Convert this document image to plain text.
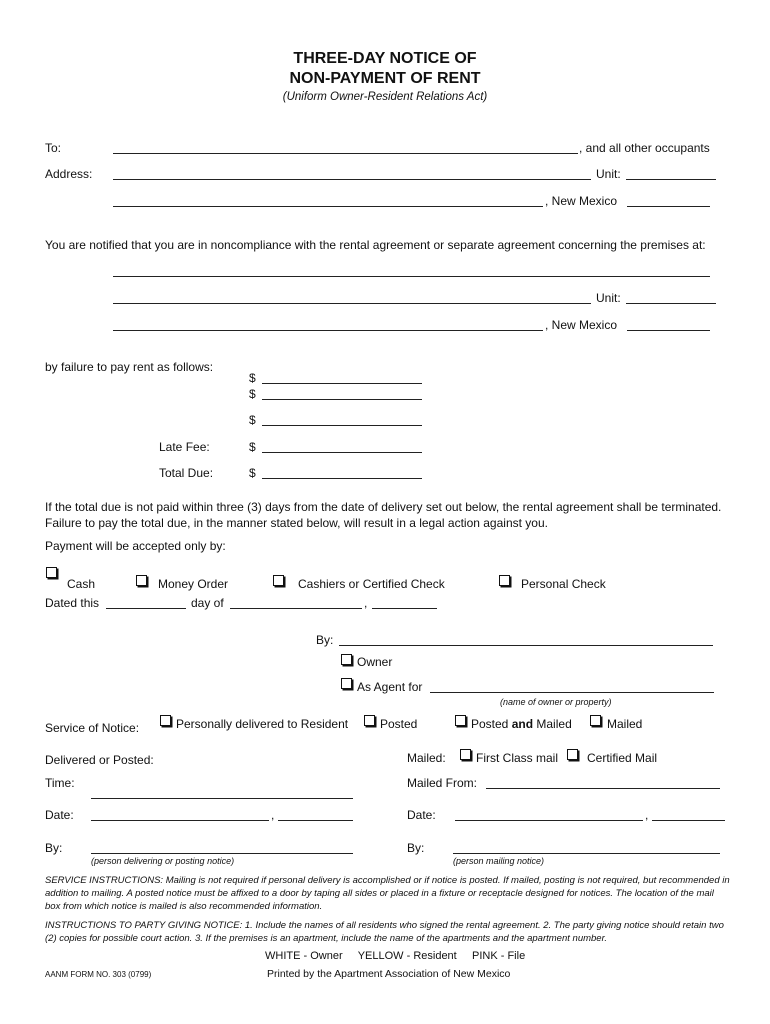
THREE-DAY NOTICE OF
NON-PAYMENT OF RENT
(Uniform Owner-Resident Relations Act)
To:	, and all other occupants
Address:	Unit:
, New Mexico
You are notified that you are in noncompliance with the rental agreement or separate agreement concerning the premises at:
Unit:
, New Mexico
by failure to pay rent as follows:
$
$
$
Late Fee:	$
Total Due:	$
If the total due is not paid within three (3) days from the date of delivery set out below, the rental agreement shall be terminated.
Failure to pay the total due, in the manner stated below, will result in a legal action against you.
Payment will be accepted only by:
Cash	Money Order	Cashiers or Certified Check	Personal Check
Dated this	day of	,
By:
Owner
As Agent for
(name of owner or property)
Service of Notice:	Personally delivered to Resident	Posted	Posted and Mailed	Mailed
Delivered or Posted:
Time:
Date:	,
By:
(person delivering or posting notice)
Mailed:	First Class mail Certified Mail
Mailed From:
Date:	,
By:
(person mailing notice)
SERVICE INSTRUCTIONS: Mailing is not required if personal delivery is accomplished or if notice is posted. If mailed, posting is not required, but recommended in addition to mailing. A posted notice must be affixed to a door by taping all sides or placed in a fixture or receptacle designed for notices. The location of the mail box from which notice is mailed is also recommended information.
INSTRUCTIONS TO PARTY GIVING NOTICE: 1. Include the names of all residents who signed the rental agreement. 2. The party giving notice should retain two (2) copies for possible court action. 3. If the premises is an apartment, include the name of the apartments and the apartment number.
WHITE - Owner     YELLOW - Resident     PINK - File
AANM FORM NO. 303 (0799)	Printed by the Apartment Association of New Mexico
